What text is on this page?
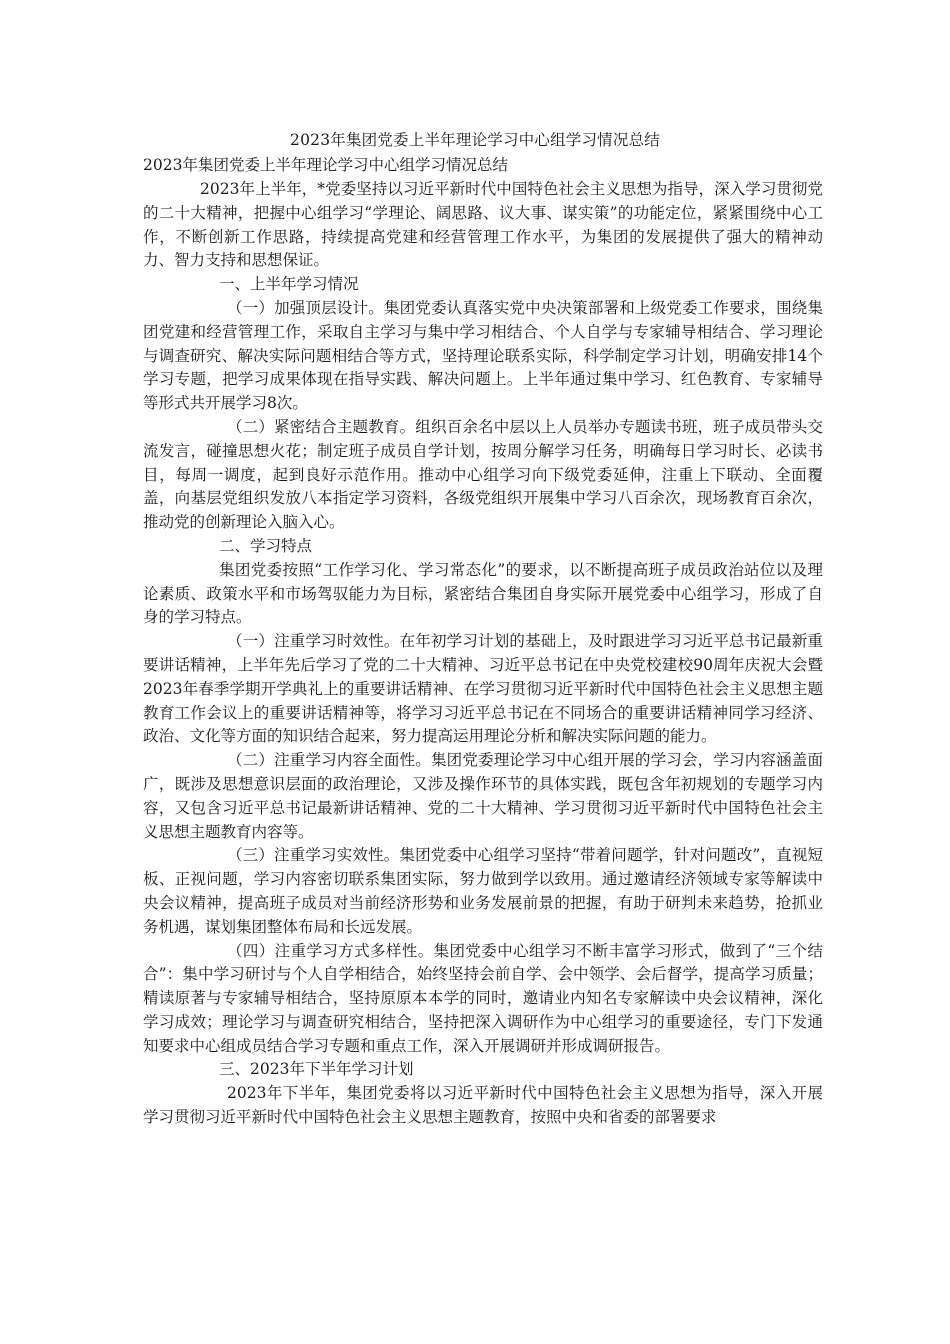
2023年集团党委上半年理论学习中心组学习情况总结
2023年集团党委上半年理论学习中心组学习情况总结

2023年上半年，*党委坚持以习近平新时代中国特色社会主义思想为指导，深入学习贯彻党的二十大精神，把握中心组学习“学理论、阔思路、议大事、谋实策”的功能定位，紧紧围绕中心工作，不断创新工作思路，持续提高党建和经营管理工作水平，为集团的发展提供了强大的精神动力、智力支持和思想保证。

一、上半年学习情况

（一）加强顶层设计。集团党委认真落实党中央决策部署和上级党委工作要求，围绕集团党建和经营管理工作，采取自主学习与集中学习相结合、个人自学与专家辅导相结合、学习理论与调查研究、解决实际问题相结合等方式，坚持理论联系实际，科学制定学习计划，明确安排14个学习专题，把学习成果体现在指导实践、解决问题上。上半年通过集中学习、红色教育、专家辅导等形式共开展学习8次。

（二）紧密结合主题教育。组织百余名中层以上人员举办专题读书班，班子成员带头交流发言，碰撞思想火花；制定班子成员自学计划，按周分解学习任务，明确每日学习时长、必读书目，每周一调度，起到良好示范作用。推动中心组学习向下级党委延伸，注重上下联动、全面覆盖，向基层党组织发放八本指定学习资料，各级党组织开展集中学习八百余次，现场教育百余次，推动党的创新理论入脑入心。

二、学习特点

集团党委按照“工作学习化、学习常态化”的要求，以不断提高班子成员政治站位以及理论素质、政策水平和市场驾驭能力为目标，紧密结合集团自身实际开展党委中心组学习，形成了自身的学习特点。

（一）注重学习时效性。在年初学习计划的基础上，及时跟进学习习近平总书记最新重要讲话精神，上半年先后学习了党的二十大精神、习近平总书记在中央党校建校90周年庆祝大会暨2023年春季学期开学典礼上的重要讲话精神、在学习贯彻习近平新时代中国特色社会主义思想主题教育工作会议上的重要讲话精神等，将学习习近平总书记在不同场合的重要讲话精神同学习经济、政治、文化等方面的知识结合起来，努力提高运用理论分析和解决实际问题的能力。

（二）注重学习内容全面性。集团党委理论学习中心组开展的学习会，学习内容涵盖面广，既涉及思想意识层面的政治理论，又涉及操作环节的具体实践，既包含年初规划的专题学习内容，又包含习近平总书记最新讲话精神、党的二十大精神、学习贯彻习近平新时代中国特色社会主义思想主题教育内容等。

（三）注重学习实效性。集团党委中心组学习坚持“带着问题学，针对问题改”，直视短板、正视问题，学习内容密切联系集团实际，努力做到学以致用。通过邀请经济领域专家等解读中央会议精神，提高班子成员对当前经济形势和业务发展前景的把握，有助于研判未来趋势，抢抓业务机遇，谋划集团整体布局和长远发展。

（四）注重学习方式多样性。集团党委中心组学习不断丰富学习形式，做到了“三个结合”：集中学习研讨与个人自学相结合，始终坚持会前自学、会中领学、会后督学，提高学习质量；精读原著与专家辅导相结合，坚持原原本本学的同时，邀请业内知名专家解读中央会议精神，深化学习成效；理论学习与调查研究相结合，坚持把深入调研作为中心组学习的重要途径，专门下发通知要求中心组成员结合学习专题和重点工作，深入开展调研并形成调研报告。

三、2023年下半年学习计划

2023年下半年，集团党委将以习近平新时代中国特色社会主义思想为指导，深入开展学习贯彻习近平新时代中国特色社会主义思想主题教育，按照中央和省委的部署要求
